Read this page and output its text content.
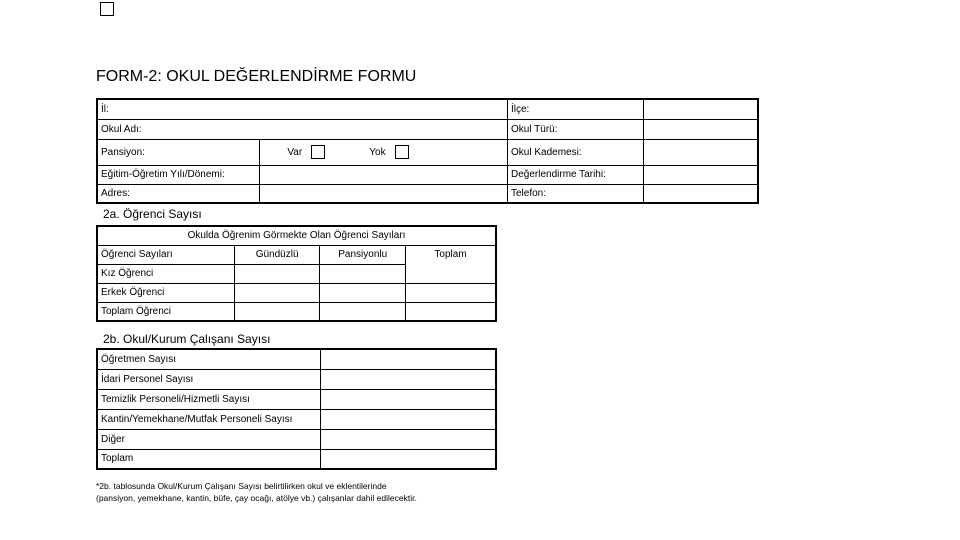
FORM-2: OKUL DEĞERLENDİRME FORMU
İl:						İlçe:	
Okul Adı:						Okul Türü:	
Pansiyon:	Var		Yok			Okul Kademesi:	
Eğitim-Öğretim Yılı/Dönemi:						Değerlendirme Tarihi:	
Adres:						Telefon:	
2a. Öğrenci Sayısı
Okulda Öğrenim Görmekte Olan Öğrenci Sayıları			
Öğrenci Sayıları	Gündüzlü	Pansiyonlu	Toplam
Kız Öğrenci			
Erkek Öğrenci			
Toplam Öğrenci			
2b. Okul/Kurum Çalışanı Sayısı
Öğretmen Sayısı	
İdari Personel Sayısı	
Temizlik Personeli/Hizmetli Sayısı	
Kantin/Yemekhane/Mutfak Personeli Sayısı	
Diğer	
Toplam	
*2b. tablosunda Okul/Kurum Çalışanı Sayısı belirtilirken okul ve eklentilerinde
(pansiyon, yemekhane, kantin, büfe, çay ocağı, atölye vb.) çalışanlar dahil edilecektir.
